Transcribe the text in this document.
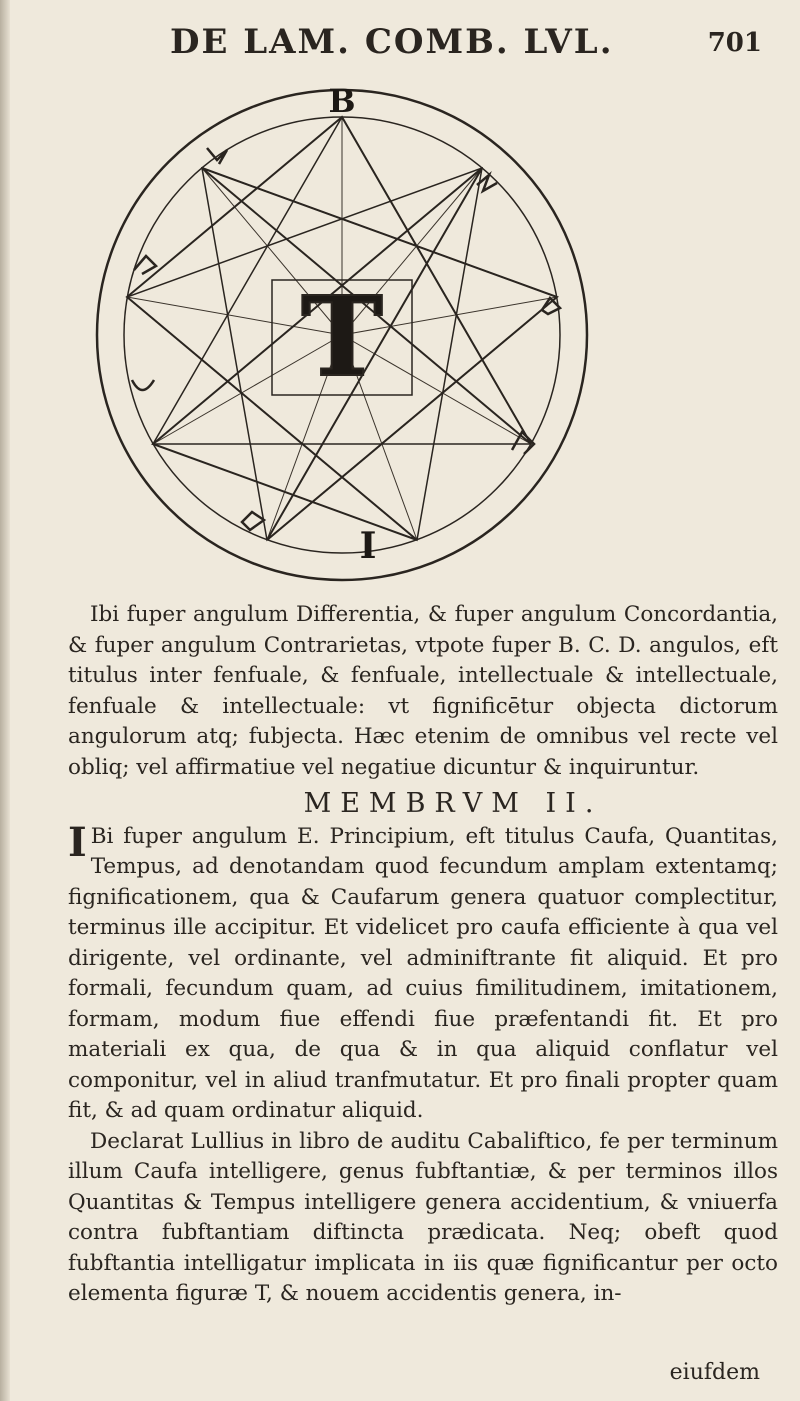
DE LAM. COMB. LVL.	701
B
T
I

Ibi fuper angulum Differentia, & fuper angulum Concordantia, & fuper angulum Contrarietas, vtpote fuper B. C. D. angulos, eft titulus inter fenfuale, & fenfuale, intellectuale & intellectuale, fenfuale & intellectuale: vt fignificētur objecta dictorum angulorum atq; fubjecta. Hæc etenim de omnibus vel recte vel obliq; vel affirmatiue vel negatiue dicuntur & inquiruntur.

MEMBRVM II.

I Bi fuper angulum E. Principium, eft titulus Caufa, Quantitas, Tempus, ad denotandam quod fecundum amplam extentamq; fignificationem, qua & Caufarum genera quatuor complectitur, terminus ille accipitur. Et videlicet pro caufa efficiente à qua vel dirigente, vel ordinante, vel adminiftrante fit aliquid. Et pro formali, fecundum quam, ad cuius fimilitudinem, imitationem, formam, modum fiue effendi fiue præfentandi fit. Et pro materiali ex qua, de qua & in qua aliquid conflatur vel componitur, vel in aliud tranfmutatur. Et pro finali propter quam fit, & ad quam ordinatur aliquid.

Declarat Lullius in libro de auditu Cabaliftico, fe per terminum illum Caufa intelligere, genus fubftantiæ, & per terminos illos Quantitas & Tempus intelligere genera accidentium, & vniuerfa contra fubftantiam diftincta prædicata. Neq; obeft quod fubftantia intelligatur implicata in iis quæ fignificantur per octo elementa figuræ T, & nouem accidentis genera, in-

eiufdem
